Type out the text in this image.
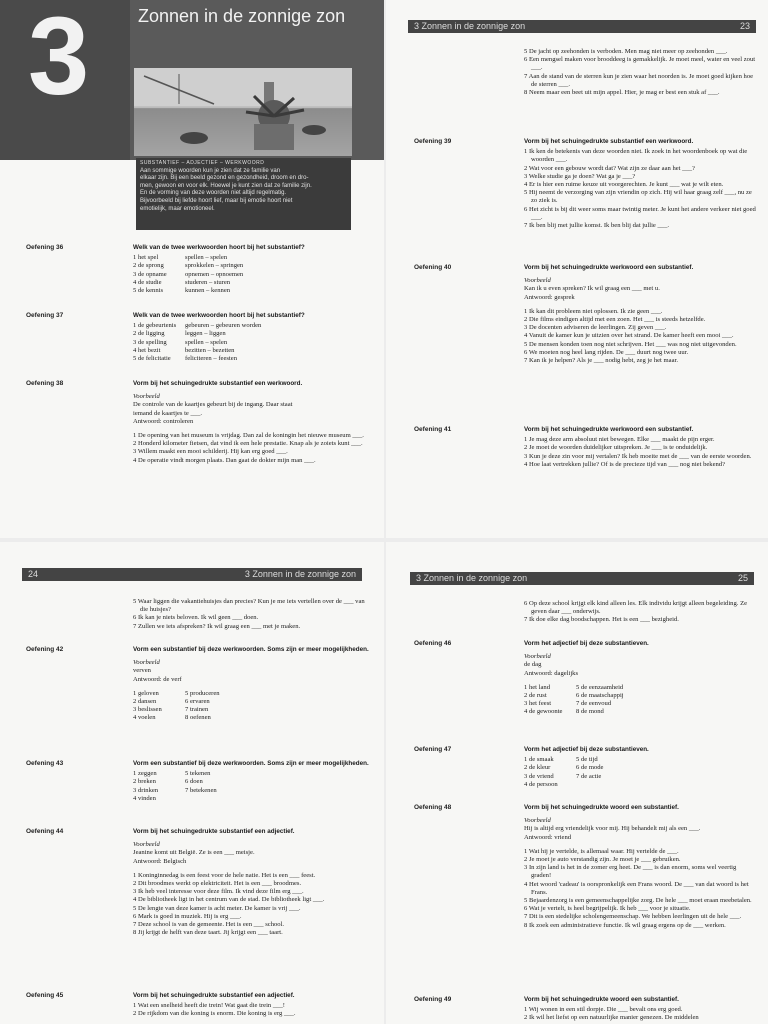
3	Zonnen in de zonnige zon
SUBSTANTIEF – ADJECTIEF – WERKWOORD
Aan sommige woorden kun je zien dat ze familie van
elkaar zijn. Bij een beeld gezond en gezondheid, droom en dro-
men, gewoon en voor elk. Hoewel je kunt zien dat ze familie zijn.
En de vorming van deze woorden niet altijd regelmatig.
Bijvoorbeeld bij liefde hoort lief, maar bij emotie hoort niet
emotielijk, maar emotioneel.
Oefening 36	Welk van de twee werkwoorden hoort bij het substantief?
1 het spel	spellen – spelen
2 de sprong	sprokkelen – springen
3 de opname	opnemen – opnoemen
4 de studie	studeren – sturen
5 de kennis	kunnen – kennen
Oefening 37	Welk van de twee werkwoorden hoort bij het substantief?
1 de gebeurtenis	gebeuren – gebeuren worden
2 de ligging	leggen – liggen
3 de spelling	spellen – spelen
4 het bezit	bezitten – bezetten
5 de felicitatie	feliciteren – feesten
Oefening 38	Vorm bij het schuingedrukte substantief een werkwoord.
Voorbeeld
De controle van de kaartjes gebeurt bij de ingang. Daar staat
iemand de kaartjes te ___.
Antwoord: controleren
1 De opening van het museum is vrijdag. Dan zal de koningin het nieuwe museum ___.
2 Honderd kilometer fietsen, dat vind ik een hele prestatie. Knap als je zoiets kunt ___.
3 Willem maakt een mooi schilderij. Hij kan erg goed ___.
4 De operatie vindt morgen plaats. Dan gaat de dokter mijn man ___.
3 Zonnen in de zonnige zon	23
5 De jacht op zeehonden is verboden. Men mag niet meer op zeehonden ___.
6 Een mengsel maken voor brooddeeg is gemakkelijk. Je moet meel, water en veel zout ___.
7 Aan de stand van de sterren kun je zien waar het noorden is. Je moet goed kijken hoe de sterren ___.
8 Neem maar een beet uit mijn appel. Hier, je mag er best een stuk af ___.
Oefening 39	Vorm bij het schuingedrukte substantief een werkwoord.
1 Ik ken de betekenis van deze woorden niet. Ik zoek in het woordenboek op wat die woorden ___.
2 Wat voor een gebouw wordt dat? Wat zijn ze daar aan het ___?
3 Welke studie ga je doen? Wat ga je ___?
4 Er is hier een ruime keuze uit voorgerechten. Je kunt ___ wat je wilt eten.
5 Hij neemt de verzorging van zijn vriendin op zich. Hij wil haar graag zelf ___, nu ze zo ziek is.
6 Het zicht is bij dit weer soms maar twintig meter. Je kunt het andere verkeer niet goed ___.
7 Ik ben blij met jullie komst. Ik ben blij dat jullie ___.
Oefening 40	Vorm bij het schuingedrukte werkwoord een substantief.
Voorbeeld
Kan ik u even spreken? Ik wil graag een ___ met u.
Antwoord: gesprek
1 Ik kan dit probleem niet oplossen. Ik zie geen ___.
2 Die films eindigen altijd met een zoen. Het ___ is steeds hetzelfde.
3 De docenten adviseren de leerlingen. Zij geven ___.
4 Vanuit de kamer kun je uitzien over het strand. De kamer heeft een mooi ___.
5 De mensen konden toen nog niet schrijven. Het ___ was nog niet uitgevonden.
6 We moeten nog heel lang rijden. De ___ duurt nog twee uur.
7 Kan ik je helpen? Als je ___ nodig hebt, zeg je het maar.
Oefening 41	Vorm bij het schuingedrukte werkwoord een substantief.
1 Je mag deze arm absoluut niet bewegen. Elke ___ maakt de pijn erger.
2 Je moet de woorden duidelijker uitspreken. Je ___ is te onduidelijk.
3 Kun je deze zin voor mij vertalen? Ik heb moeite met de ___ van de eerste woorden.
4 Hoe laat vertrekken jullie? Of is de precieze tijd van ___ nog niet bekend?
24	3 Zonnen in de zonnige zon
5 Waar liggen die vakantiehuisjes dan precies? Kun je me iets vertellen over de ___ van die huisjes?
6 Ik kan je niets beloven. Ik wil geen ___ doen.
7 Zullen we iets afspreken? Ik wil graag een ___ met je maken.
Oefening 42	Vorm een substantief bij deze werkwoorden. Soms zijn er meer mogelijkheden.
Voorbeeld
verven
Antwoord: de verf
1 geloven	5 produceren
2 dansen	6 ervaren
3 beslissen	7 trainen
4 voelen	8 oefenen
Oefening 43	Vorm een substantief bij deze werkwoorden. Soms zijn er meer mogelijkheden.
1 zeggen	5 tekenen
2 breken	6 doen
3 drinken	7 betekenen
4 vinden
Oefening 44	Vorm bij het schuingedrukte substantief een adjectief.
Voorbeeld
Jeanine komt uit België. Ze is een ___ meisje.
Antwoord: Belgisch
1 Koninginnedag is een feest voor de hele natie. Het is een ___ feest.
2 Dit broodmes werkt op elektriciteit. Het is een ___ broodmes.
3 Ik heb veel interesse voor deze film. Ik vind deze film erg ___.
4 De bibliotheek ligt in het centrum van de stad. De bibliotheek ligt ___.
5 De lengte van deze kamer is acht meter. De kamer is vrij ___.
6 Mark is goed in muziek. Hij is erg ___.
7 Deze school is van de gemeente. Het is een ___ school.
8 Jij krijgt de helft van deze taart. Jij krijgt een ___ taart.
Oefening 45	Vorm bij het schuingedrukte substantief een adjectief.
1 Wat een snelheid heeft die trein! Wat gaat die trein ___!
2 De rijkdom van die koning is enorm. Die koning is erg ___.
3 Zonnen in de zonnige zon	25
6 Op deze school krijgt elk kind alleen les. Elk individu krijgt alleen begeleiding. Ze geven daar ___ onderwijs.
7 Ik doe elke dag boodschappen. Het is een ___ bezigheid.
Oefening 46	Vorm het adjectief bij deze substantieven.
Voorbeeld
de dag
Antwoord: dagelijks
1 het land	5 de eenzaamheid
2 de rust	6 de maatschappij
3 het feest	7 de eenvoud
4 de gewoonte	8 de mond
Oefening 47	Vorm het adjectief bij deze substantieven.
1 de smaak	5 de tijd
2 de kleur	6 de mode
3 de vriend	7 de actie
4 de persoon
Oefening 48	Vorm bij het schuingedrukte woord een substantief.
Voorbeeld
Hij is altijd erg vriendelijk voor mij. Hij behandelt mij als een ___.
Antwoord: vriend
1 Wat hij je vertelde, is allemaal waar. Hij vertelde de ___.
2 Je moet je auto verstandig zijn. Je moet je ___ gebruiken.
3 In zijn land is het in de zomer erg heet. De ___ is dan enorm, soms wel veertig graden!
4 Het woord 'cadeau' is oorspronkelijk een Frans woord. De ___ van dat woord is het Frans.
5 Bejaardenzorg is een gemeenschappelijke zorg. De hele ___ moet eraan meebetalen.
6 Wat je vertelt, is heel begrijpelijk. Ik heb ___ voor je situatie.
7 Dit is een stedelijke scholengemeenschap. We hebben leerlingen uit de hele ___.
8 Ik zoek een administratieve functie. Ik wil graag ergens op de ___ werken.
Oefening 49	Vorm bij het schuingedrukte woord een substantief.
1 Wij wonen in een stil dorpje. Die ___ bevalt ons erg goed.
2 Ik wil het liefst op een natuurlijke manier genezen. De middelen
